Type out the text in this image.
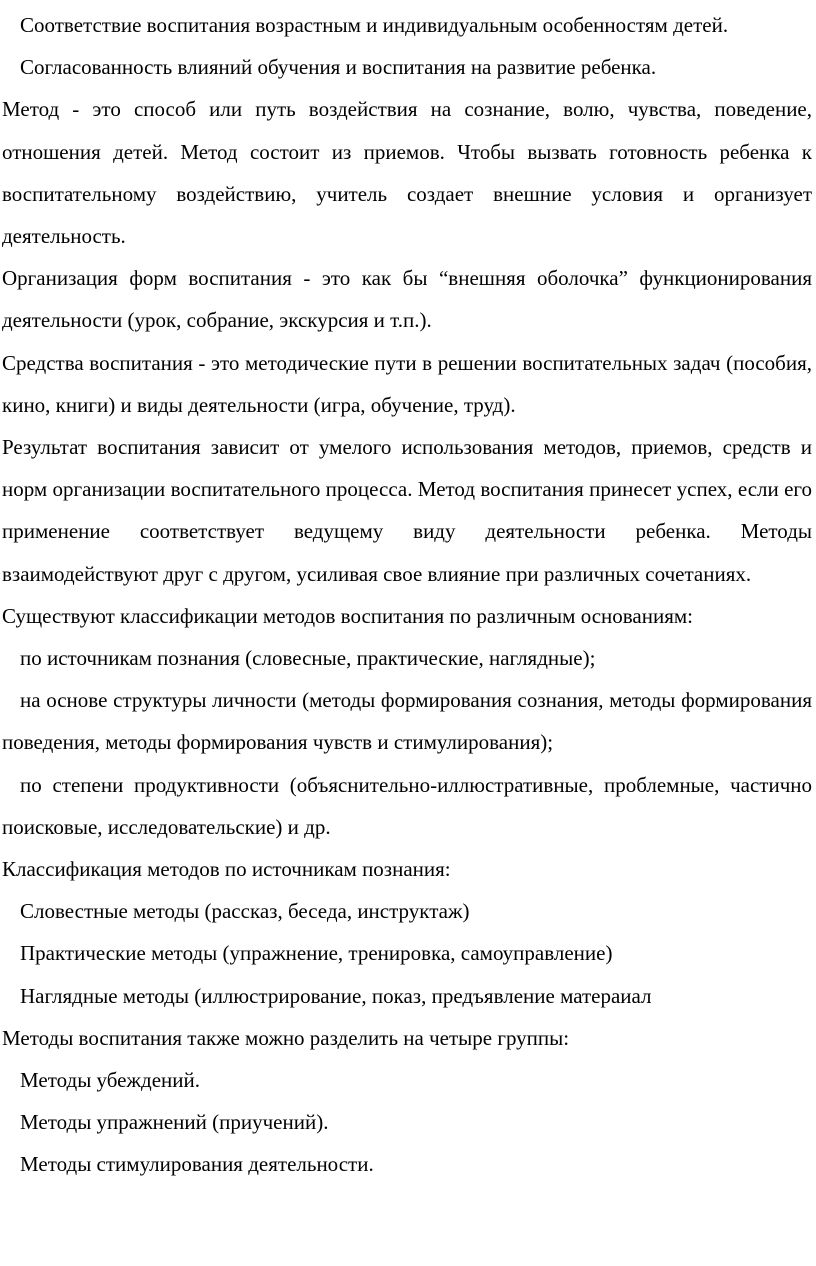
Соответствие воспитания возрастным и индивидуальным особенностям детей.

Согласованность влияний обучения и воспитания на развитие ребенка.

Метод - это способ или путь воздействия на сознание, волю, чувства, поведение, отношения детей. Метод состоит из приемов. Чтобы вызвать готовность ребенка к воспитательному воздействию, учитель создает внешние условия и организует деятельность.

Организация форм воспитания - это как бы “внешняя оболочка” функционирования деятельности (урок, собрание, экскурсия и т.п.).

Средства воспитания - это методические пути в решении воспитательных задач (пособия, кино, книги) и виды деятельности (игра, обучение, труд).

Результат воспитания зависит от умелого использования методов, приемов, средств и норм организации воспитательного процесса. Метод воспитания принесет успех, если его применение соответствует ведущему виду деятельности ребенка. Методы взаимодействуют друг с другом, усиливая свое влияние при различных сочетаниях.

Существуют классификации методов воспитания по различным основаниям:

по источникам познания (словесные, практические, наглядные);

на основе структуры личности (методы формирования сознания, методы формирования поведения, методы формирования чувств и стимулирования);

по степени продуктивности (объяснительно-иллюстративные, проблемные, частично поисковые, исследовательские) и др.

Классификация методов по источникам познания:

Словестные методы (рассказ, беседа, инструктаж)

Практические методы (упражнение, тренировка, самоуправление)

Наглядные методы (иллюстрирование, показ, предъявление матераиал

Методы воспитания также можно разделить на четыре группы:

Методы убеждений.

Методы упражнений (приучений).

Методы стимулирования деятельности.
